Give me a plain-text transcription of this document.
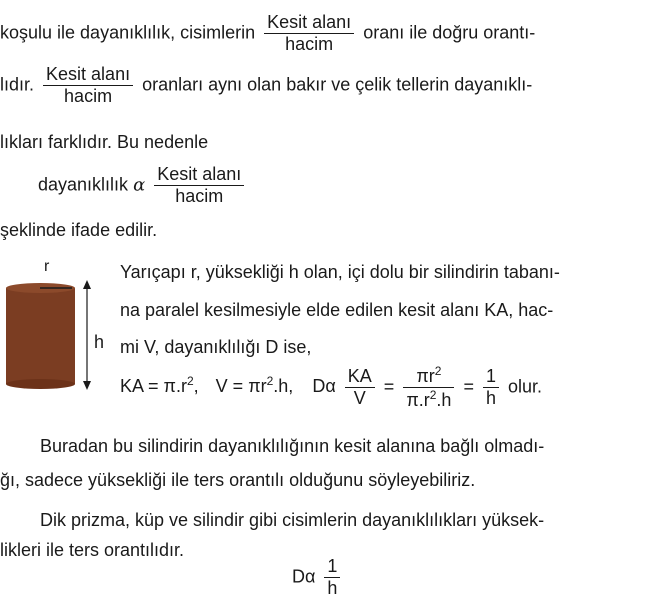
koşulu ile dayanıklılık, cisimlerin $\frac{\text{Kesit alanı}}{\text{hacim}}$ oranı ile doğru orantı-
lıdır. $\frac{\text{Kesit alanı}}{\text{hacim}}$ oranları aynı olan bakır ve çelik tellerin dayanıklı-
lıkları farklıdır. Bu nedenle
dayanıklılık α $\frac{\text{Kesit alanı}}{\text{hacim}}$
şeklinde ifade edilir.
r
h
Yarıçapı r, yüksekliği h olan, içi dolu bir silindirin tabanı-
na paralel kesilmesiyle elde edilen kesit alanı KA, hac-
mi V, dayanıklılığı D ise,
KA = $\pi.r^2$, $V = \pi r^2.h$, Dα $\frac{KA}{V} = \frac{\pi r^2}{\pi.r^2.h} = \frac{1}{h}$ olur.
Buradan bu silindirin dayanıklılığının kesit alanına bağlı olmadı-
ğı, sadece yüksekliği ile ters orantılı olduğunu söyleyebiliriz.
Dik prizma, küp ve silindir gibi cisimlerin dayanıklılıkları yüksek-
likleri ile ters orantılıdır.
Dα $\frac{1}{h}$
